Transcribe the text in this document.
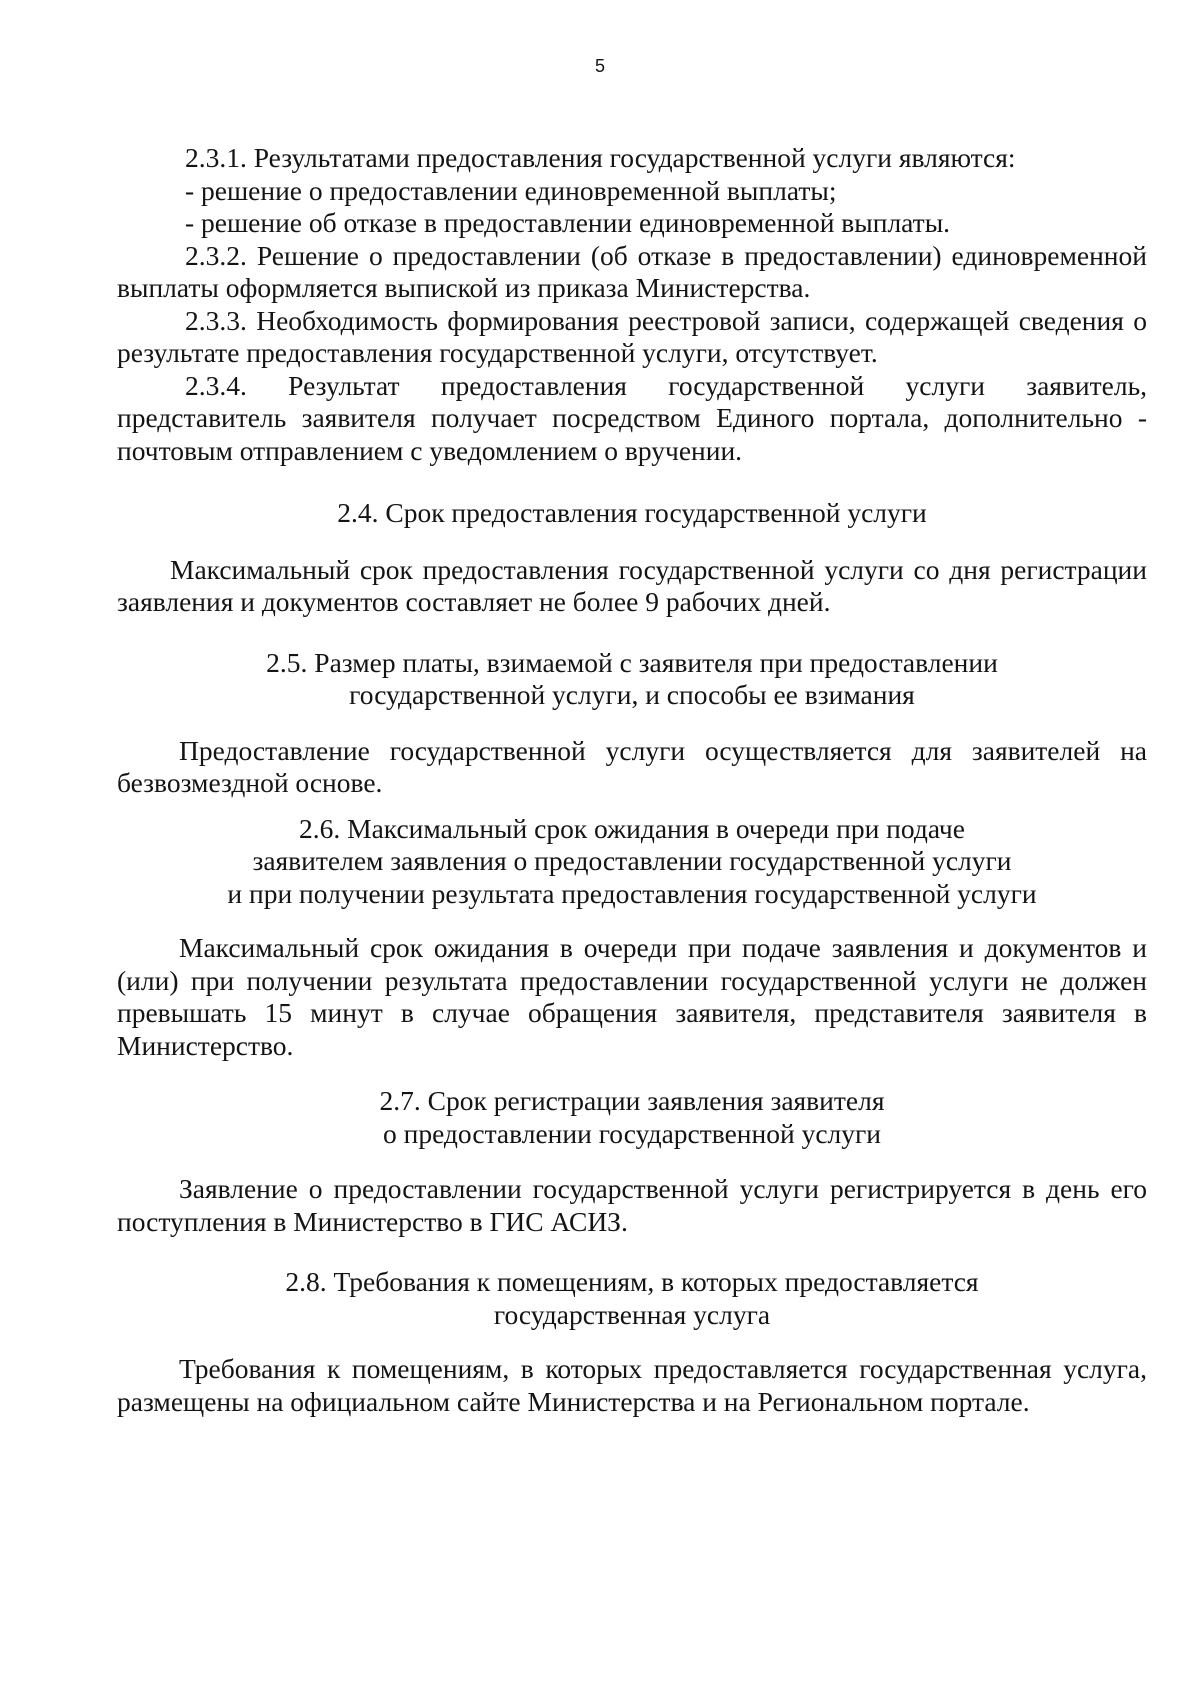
5

2.3.1. Результатами предоставления государственной услуги являются:

- решение о предоставлении единовременной выплаты;

- решение об отказе в предоставлении единовременной выплаты.

2.3.2. Решение о предоставлении (об отказе в предоставлении) единовременной выплаты оформляется выпиской из приказа Министерства.

2.3.3. Необходимость формирования реестровой записи, содержащей сведения о результате предоставления государственной услуги, отсутствует.

2.3.4. Результат предоставления государственной услуги заявитель, представитель заявителя получает посредством Единого портала, дополнительно - почтовым отправлением с уведомлением о вручении.

2.4. Срок предоставления государственной услуги

Максимальный срок предоставления государственной услуги со дня регистрации заявления и документов составляет не более 9 рабочих дней.

2.5. Размер платы, взимаемой с заявителя при предоставлении
государственной услуги, и способы ее взимания

Предоставление государственной услуги осуществляется для заявителей на безвозмездной основе.

2.6. Максимальный срок ожидания в очереди при подаче
заявителем заявления о предоставлении государственной услуги
и при получении результата предоставления государственной услуги

Максимальный срок ожидания в очереди при подаче заявления и документов и (или) при получении результата предоставлении государственной услуги не должен превышать 15 минут в случае обращения заявителя, представителя заявителя в Министерство.

2.7. Срок регистрации заявления заявителя
о предоставлении государственной услуги

Заявление о предоставлении государственной услуги регистрируется в день его поступления в Министерство в ГИС АСИЗ.

2.8. Требования к помещениям, в которых предоставляется
государственная услуга

Требования к помещениям, в которых предоставляется государственная услуга, размещены на официальном сайте Министерства и на Региональном портале.
